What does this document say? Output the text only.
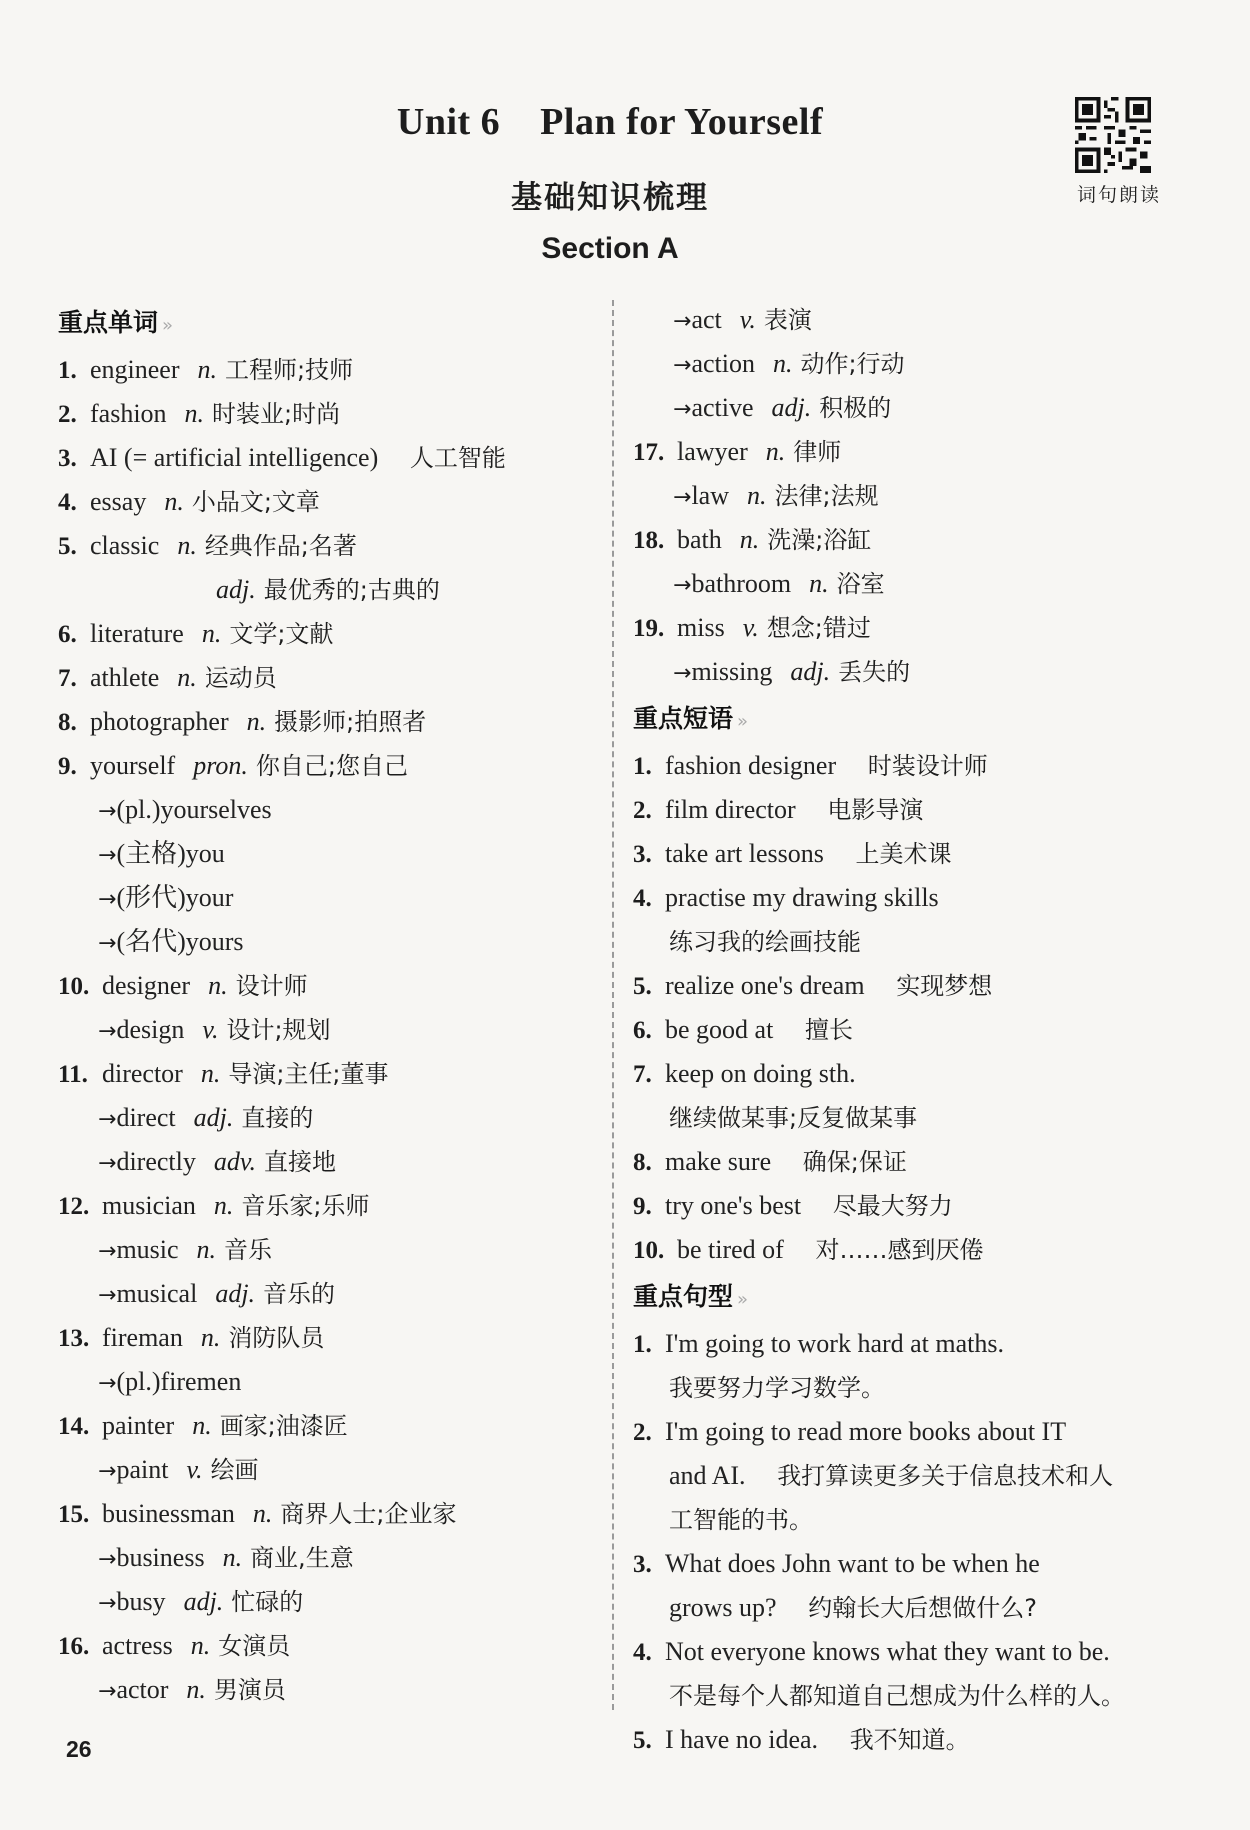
Unit 6 Plan for Yourself
基础知识梳理
Section A
词句朗读
重点单词 »
1. engineer n. 工程师;技师
2. fashion n. 时装业;时尚
3. AI (= artificial intelligence)   人工智能
4. essay n. 小品文;文章
5. classic n. 经典作品;名著
adj. 最优秀的;古典的
6. literature n. 文学;文献
7. athlete n. 运动员
8. photographer n. 摄影师;拍照者
9. yourself pron. 你自己;您自己
→(pl.)yourselves
→(主格)you
→(形代)your
→(名代)yours
10. designer n. 设计师
→design v. 设计;规划
11. director n. 导演;主任;董事
→direct adj. 直接的
→directly adv. 直接地
12. musician n. 音乐家;乐师
→music n. 音乐
→musical adj. 音乐的
13. fireman n. 消防队员
→(pl.)firemen
14. painter n. 画家;油漆匠
→paint v. 绘画
15. businessman n. 商界人士;企业家
→business n. 商业,生意
→busy adj. 忙碌的
16. actress n. 女演员
→actor n. 男演员
→act v. 表演
→action n. 动作;行动
→active adj. 积极的
17. lawyer n. 律师
→law n. 法律;法规
18. bath n. 洗澡;浴缸
→bathroom n. 浴室
19. miss v. 想念;错过
→missing adj. 丢失的
重点短语 »
1. fashion designer   时装设计师
2. film director   电影导演
3. take art lessons   上美术课
4. practise my drawing skills
练习我的绘画技能
5. realize one's dream   实现梦想
6. be good at   擅长
7. keep on doing sth.
继续做某事;反复做某事
8. make sure   确保;保证
9. try one's best   尽最大努力
10. be tired of   对……感到厌倦
重点句型 »
1. I'm going to work hard at maths.
我要努力学习数学。
2. I'm going to read more books about IT
and AI.   我打算读更多关于信息技术和人
工智能的书。
3. What does John want to be when he
grows up?   约翰长大后想做什么?
4. Not everyone knows what they want to be.
不是每个人都知道自己想成为什么样的人。
5. I have no idea.   我不知道。
26
